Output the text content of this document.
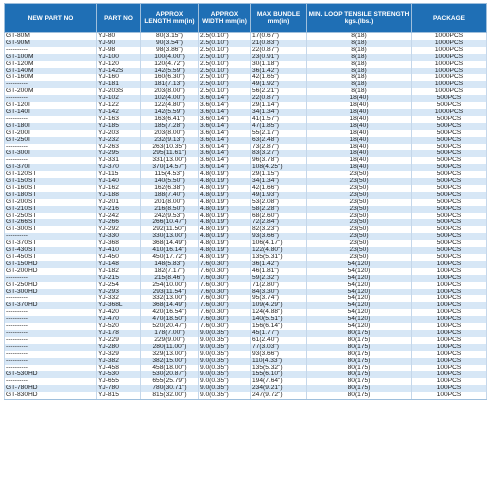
NEW PART NO	PART NO	APPROX LENGTH mm(in)	APPROX WIDTH mm(in)	MAX BUNDLE mm(in)	MIN. LOOP TENSILE STRENGTH kgs.(lbs.)	PACKAGE
GT-80M	YJ-80	80(3.15")	2.5(0.10")	17(0.67")	8(18)	1000PCS
GT-90M	YJ-90	90(3.54")	2.5(0.10")	21(0.83")	8(18)	1000PCS
----------	YJ-98	98(3.86")	2.5(0.10")	22(0.87")	8(18)	1000PCS
GT-100M	YJ-100	100(4.00")	2.5(0.10")	23(0.91")	8(18)	1000PCS
GT-120M	YJ-120	120(4.72")	2.5(0.10")	30(1.18")	8(18)	1000PCS
GT-140M	YJ-142S	142(5.59")	2.5(0.10")	36(1.42")	8(18)	1000PCS
GT-160M	YJ-160	160(6.30")	2.5(0.10")	42(1.65")	8(18)	1000PCS
----------	YJ-181	181(7.13")	2.5(0.10")	49(1.92")	8(18)	1000PCS
GT-200M	YJ-203S	203(8.00")	2.5(0.10")	56(2.21")	8(18)	1000PCS
----------	YJ-102	102(4.00")	3.6(0.14")	22(0.87")	18(40)	500PCS
GT-120I	YJ-122	122(4.80")	3.6(0.14")	29(1.14")	18(40)	500PCS
GT-140I	YJ-142	142(5.59")	3.6(0.14")	34(1.34")	18(40)	1000PCS
----------	YJ-163	163(6.41")	3.6(0.14")	41(1.57")	18(40)	500PCS
GT-180I	YJ-185	185(7.28")	3.6(0.14")	47(1.85")	18(40)	500PCS
GT-200I	YJ-203	203(8.00")	3.6(0.14")	55(2.17")	18(40)	500PCS
GT-250I	YJ-232	232(9.13")	3.6(0.14")	63(2.48")	18(40)	500PCS
----------	YJ-263	263(10.35")	3.6(0.14")	73(2.87")	18(40)	500PCS
GT-300I	YJ-295	295(11.61")	3.6(0.14")	83(3.27")	18(40)	500PCS
----------	YJ-331	331(13.00")	3.6(0.14")	96(3.78")	18(40)	500PCS
GT-370I	YJ-370	370(14.57")	3.6(0.14")	108(4.25")	18(40)	500PCS
GT-120ST	YJ-115	115(4.53")	4.8(0.19")	29(1.15")	23(50)	500PCS
GT-150ST	YJ-140	140(5.50")	4.8(0.19")	34(1.34")	23(50)	500PCS
GT-160ST	YJ-162	162(6.38")	4.8(0.19")	42(1.66")	23(50)	500PCS
GT-180ST	YJ-188	188(7.40")	4.8(0.19")	49(1.93")	23(50)	500PCS
GT-200ST	YJ-201	201(8.00")	4.8(0.19")	53(2.08")	23(50)	500PCS
GT-210ST	YJ-216	216(8.50")	4.8(0.19")	58(2.28")	23(50)	500PCS
GT-250ST	YJ-242	242(9.53")	4.8(0.19")	68(2.60")	23(50)	500PCS
GT-266ST	YJ-266	266(10.47")	4.8(0.19")	72(2.84")	23(50)	500PCS
GT-300ST	YJ-292	292(11.50")	4.8(0.19")	82(3.23")	23(50)	500PCS
----------	YJ-330	330(13.00")	4.8(0.19")	93(3.66")	23(50)	500PCS
GT-370ST	YJ-368	368(14.49")	4.8(0.19")	106(4.17")	23(50)	500PCS
GT-430ST	YJ-410	410(16.14")	4.8(0.19")	122(4.80")	23(50)	500PCS
GT-450ST	YJ-450	450(17.72")	4.8(0.19")	135(5.31")	23(50)	500PCS
GT-150HD	YJ-148	148(5.83")	7.6(0.30")	36(1.42")	54(120)	100PCS
GT-200HD	YJ-182	182(7.17")	7.6(0.30")	46(1.81")	54(120)	100PCS
----------	YJ-215	215(8.46")	7.6(0.30")	59(2.32")	54(120)	100PCS
GT-250HD	YJ-254	254(10.00")	7.6(0.30")	71(2.80")	54(120)	100PCS
GT-300HD	YJ-293	293(11.54")	7.6(0.30")	84(3.30")	54(120)	100PCS
----------	YJ-332	332(13.00")	7.6(0.30")	95(3.74")	54(120)	100PCS
GT-370HD	YJ-368L	368(14.49")	7.6(0.30")	109(4.29")	54(120)	100PCS
----------	YJ-420	420(16.54")	7.6(0.30")	124(4.88")	54(120)	100PCS
----------	YJ-470	470(18.50")	7.6(0.30")	140(5.51")	54(120)	100PCS
----------	YJ-520	520(20.47")	7.6(0.30")	156(6.14")	54(120)	100PCS
----------	YJ-178	178(7.00")	9.0(0.35")	45(1.77")	80(175)	100PCS
----------	YJ-229	229(9.00")	9.0(0.35")	61(2.40")	80(175)	100PCS
----------	YJ-280	280(11.00")	9.0(0.35")	77(3.03")	80(175)	100PCS
----------	YJ-329	329(13.00")	9.0(0.35")	93(3.66")	80(175)	100PCS
----------	YJ-382	382(15.00")	9.0(0.35")	110(4.33")	80(175)	100PCS
----------	YJ-458	458(18.00")	9.0(0.35")	135(5.32")	80(175)	100PCS
GT-530HD	YJ-530	530(20.87")	9.0(0.35")	155(6.10")	80(175)	100PCS
----------	YJ-655	655(25.79")	9.0(0.35")	194(7.64")	80(175)	100PCS
GT-780HD	YJ-780	780(30.71")	9.0(0.35")	234(9.21")	80(175)	100PCS
GT-830HD	YJ-815	815(32.00")	9.0(0.35")	247(9.72")	80(175)	100PCS
